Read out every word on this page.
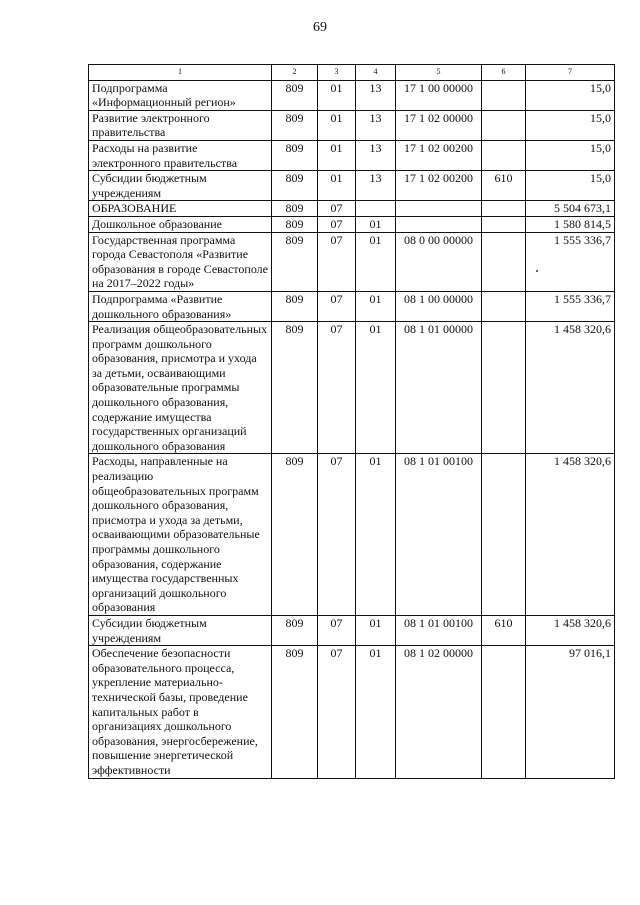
69
1	2	3	4	5	6	7
Подпрограмма «Информационный регион»	809	01	13	17 1 00 00000		15,0
Развитие электронного правительства	809	01	13	17 1 02 00000		15,0
Расходы на развитие электронного правительства	809	01	13	17 1 02 00200		15,0
Субсидии бюджетным учреждениям	809	01	13	17 1 02 00200	610	15,0
ОБРАЗОВАНИЕ	809	07				5 504 673,1
Дошкольное образование	809	07	01			1 580 814,5
Государственная программа города Севастополя «Развитие образования в городе Севастополе на 2017–2022 годы»	809	07	01	08 0 00 00000		1 555 336,7
Подпрограмма «Развитие дошкольного образования»	809	07	01	08 1 00 00000		1 555 336,7
Реализация общеобразовательных программ дошкольного образования, присмотра и ухода за детьми, осваивающими образовательные программы дошкольного образования, содержание имущества государственных организаций дошкольного образования	809	07	01	08 1 01 00000		1 458 320,6
Расходы, направленные на реализацию общеобразовательных программ дошкольного образования, присмотра и ухода за детьми, осваивающими образовательные программы дошкольного образования, содержание имущества государственных организаций дошкольного образования	809	07	01	08 1 01 00100		1 458 320,6
Субсидии бюджетным учреждениям	809	07	01	08 1 01 00100	610	1 458 320,6
Обеспечение безопасности образовательного процесса, укрепление материально-технической базы, проведение капитальных работ в организациях дошкольного образования, энергосбережение, повышение энергетической эффективности	809	07	01	08 1 02 00000		97 016,1
